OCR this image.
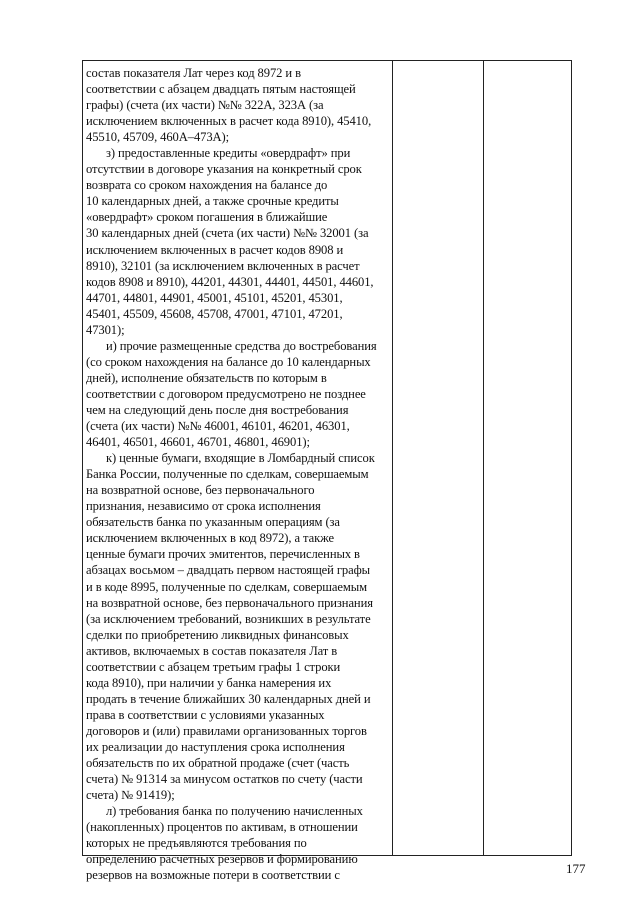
состав показателя Лат через код 8972 и в
соответствии с абзацем двадцать пятым настоящей
графы) (счета (их части) №№ 322А, 323А (за
исключением включенных в расчет кода 8910), 45410,
45510, 45709, 460А–473А);
з) предоставленные кредиты «овердрафт» при
отсутствии в договоре указания на конкретный срок
возврата со сроком нахождения на балансе до
10 календарных дней, а также срочные кредиты
«овердрафт» сроком погашения в ближайшие
30 календарных дней (счета (их части) №№ 32001 (за
исключением включенных в расчет кодов 8908 и
8910), 32101 (за исключением включенных в расчет
кодов 8908 и 8910), 44201, 44301, 44401, 44501, 44601,
44701, 44801, 44901, 45001, 45101, 45201, 45301,
45401, 45509, 45608, 45708, 47001, 47101, 47201,
47301);
и) прочие размещенные средства до востребования
(со сроком нахождения на балансе до 10 календарных
дней), исполнение обязательств по которым в
соответствии с договором предусмотрено не позднее
чем на следующий день после дня востребования
(счета (их части) №№ 46001, 46101, 46201, 46301,
46401, 46501, 46601, 46701, 46801, 46901);
к) ценные бумаги, входящие в Ломбардный список
Банка России, полученные по сделкам, совершаемым
на возвратной основе, без первоначального
признания, независимо от срока исполнения
обязательств банка по указанным операциям (за
исключением включенных в код 8972), а также
ценные бумаги прочих эмитентов, перечисленных в
абзацах восьмом – двадцать первом настоящей графы
и в коде 8995, полученные по сделкам, совершаемым
на возвратной основе, без первоначального признания
(за исключением требований, возникших в результате
сделки по приобретению ликвидных финансовых
активов, включаемых в состав показателя Лат в
соответствии с абзацем третьим графы 1 строки
кода 8910), при наличии у банка намерения их
продать в течение ближайших 30 календарных дней и
права в соответствии с условиями указанных
договоров и (или) правилами организованных торгов
их реализации до наступления срока исполнения
обязательств по их обратной продаже (счет (часть
счета) № 91314 за минусом остатков по счету (части
счета) № 91419);
л) требования банка по получению начисленных
(накопленных) процентов по активам, в отношении
которых не предъявляются требования по
определению расчетных резервов и формированию
резервов на возможные потери в соответствии с	177
